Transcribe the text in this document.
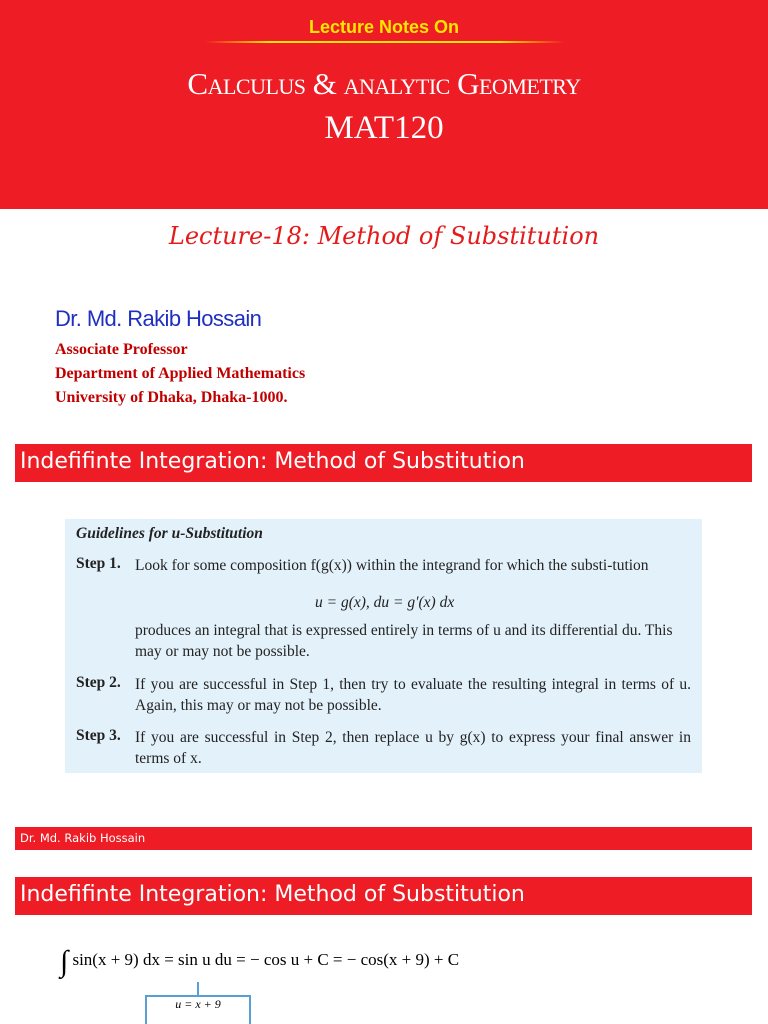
Lecture Notes On
Calculus & analytic Geometry
MAT120
Lecture-18: Method of Substitution
Dr. Md. Rakib Hossain
Associate Professor
Department of Applied Mathematics
University of Dhaka, Dhaka-1000.
Indefifinte Integration: Method of Substitution
Guidelines for u-Substitution
Step 1. Look for some composition f(g(x)) within the integrand for which the substi-tution
u = g(x), du = g′(x) dx
produces an integral that is expressed entirely in terms of u and its differential du. This may or may not be possible.
Step 2. If you are successful in Step 1, then try to evaluate the resulting integral in terms of u. Again, this may or may not be possible.
Step 3. If you are successful in Step 2, then replace u by g(x) to express your final answer in terms of x.
Dr. Md. Rakib Hossain
Indefifinte Integration: Method of Substitution
∫ sin(x + 9) dx = sin u du = − cos u + C = − cos(x + 9) + C
u = x + 9
